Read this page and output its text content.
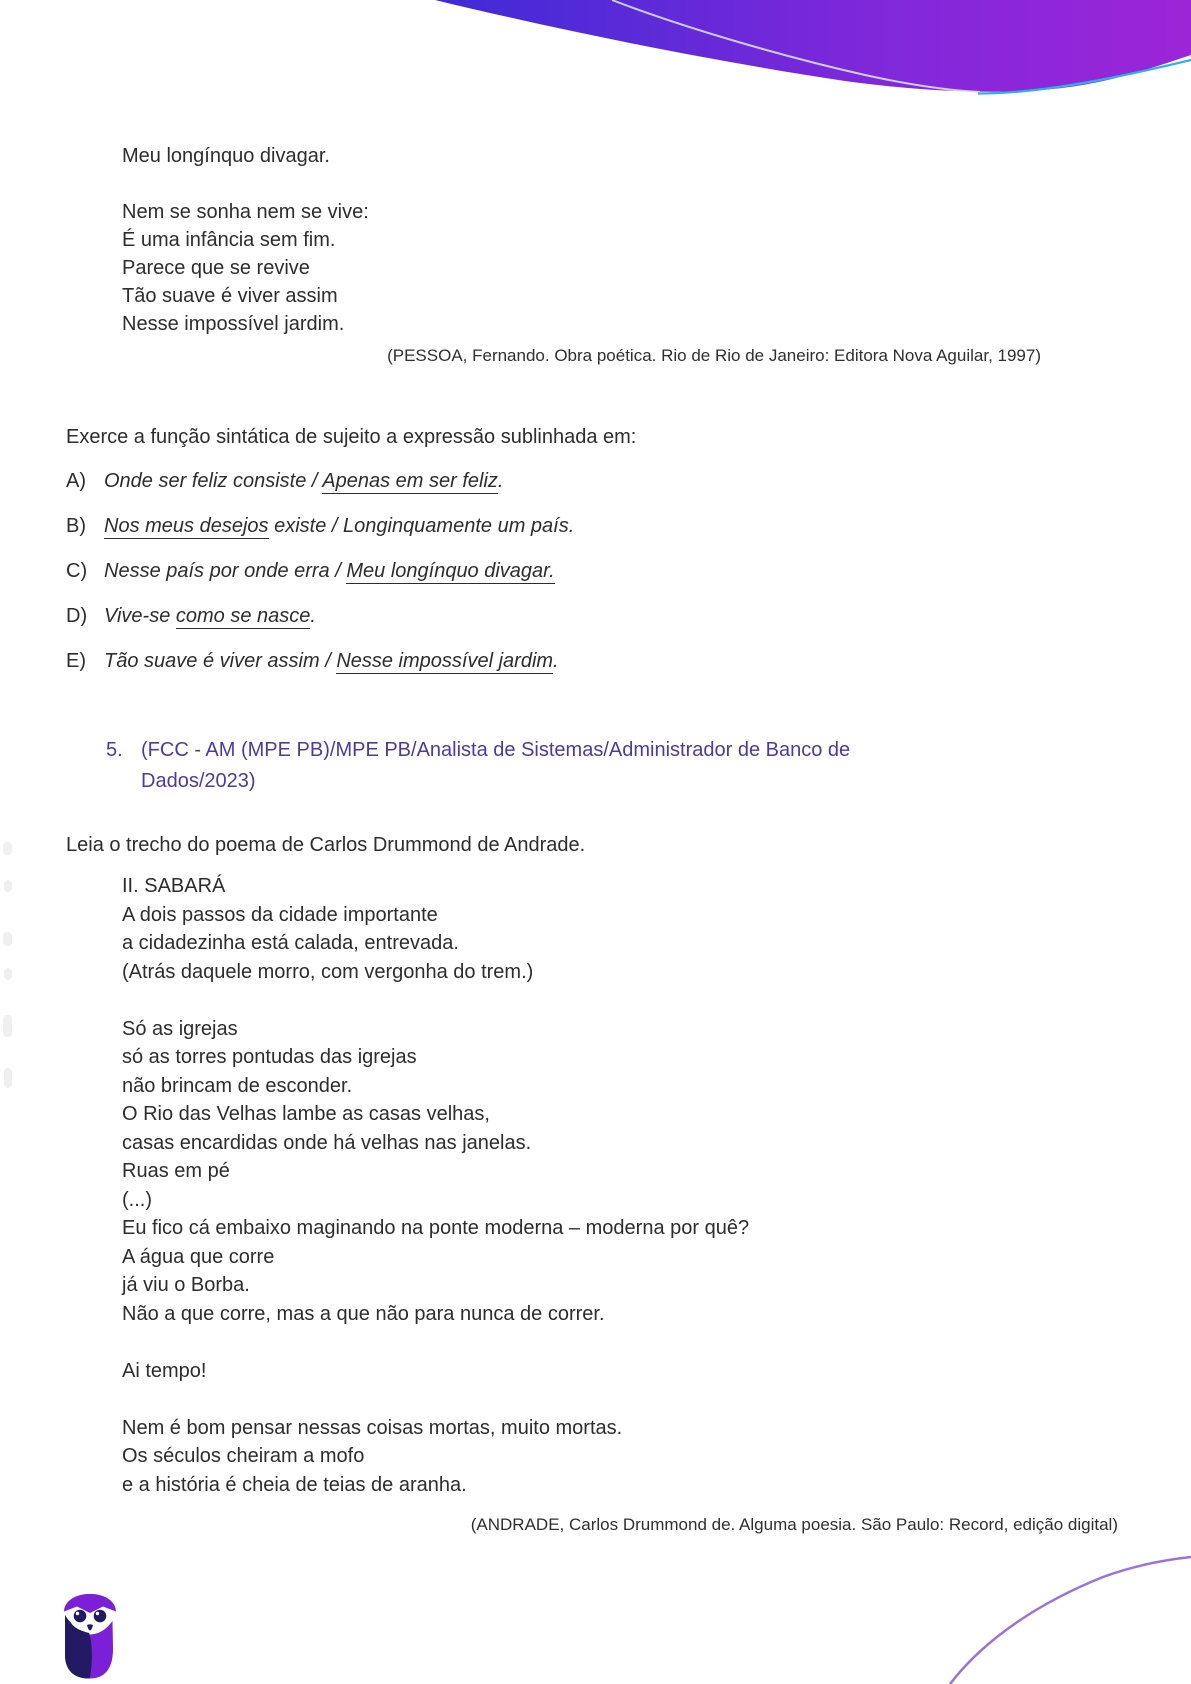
Meu longínquo divagar.

Nem se sonha nem se vive:
É uma infância sem fim.
Parece que se revive
Tão suave é viver assim
Nesse impossível jardim.
(PESSOA, Fernando. Obra poética. Rio de Rio de Janeiro: Editora Nova Aguilar, 1997)
Exerce a função sintática de sujeito a expressão sublinhada em:
A) Onde ser feliz consiste / Apenas em ser feliz.
B) Nos meus desejos existe / Longinquamente um país.
C) Nesse país por onde erra / Meu longínquo divagar.
D) Vive-se como se nasce.
E) Tão suave é viver assim / Nesse impossível jardim.
5. (FCC - AM (MPE PB)/MPE PB/Analista de Sistemas/Administrador de Banco de
Dados/2023)
Leia o trecho do poema de Carlos Drummond de Andrade.
II. SABARÁ
A dois passos da cidade importante
a cidadezinha está calada, entrevada.
(Atrás daquele morro, com vergonha do trem.)

Só as igrejas
só as torres pontudas das igrejas
não brincam de esconder.
O Rio das Velhas lambe as casas velhas,
casas encardidas onde há velhas nas janelas.
Ruas em pé
(...)
Eu fico cá embaixo maginando na ponte moderna – moderna por quê?
A água que corre
já viu o Borba.
Não a que corre, mas a que não para nunca de correr.

Ai tempo!

Nem é bom pensar nessas coisas mortas, muito mortas.
Os séculos cheiram a mofo
e a história é cheia de teias de aranha.
(ANDRADE, Carlos Drummond de. Alguma poesia. São Paulo: Record, edição digital)
